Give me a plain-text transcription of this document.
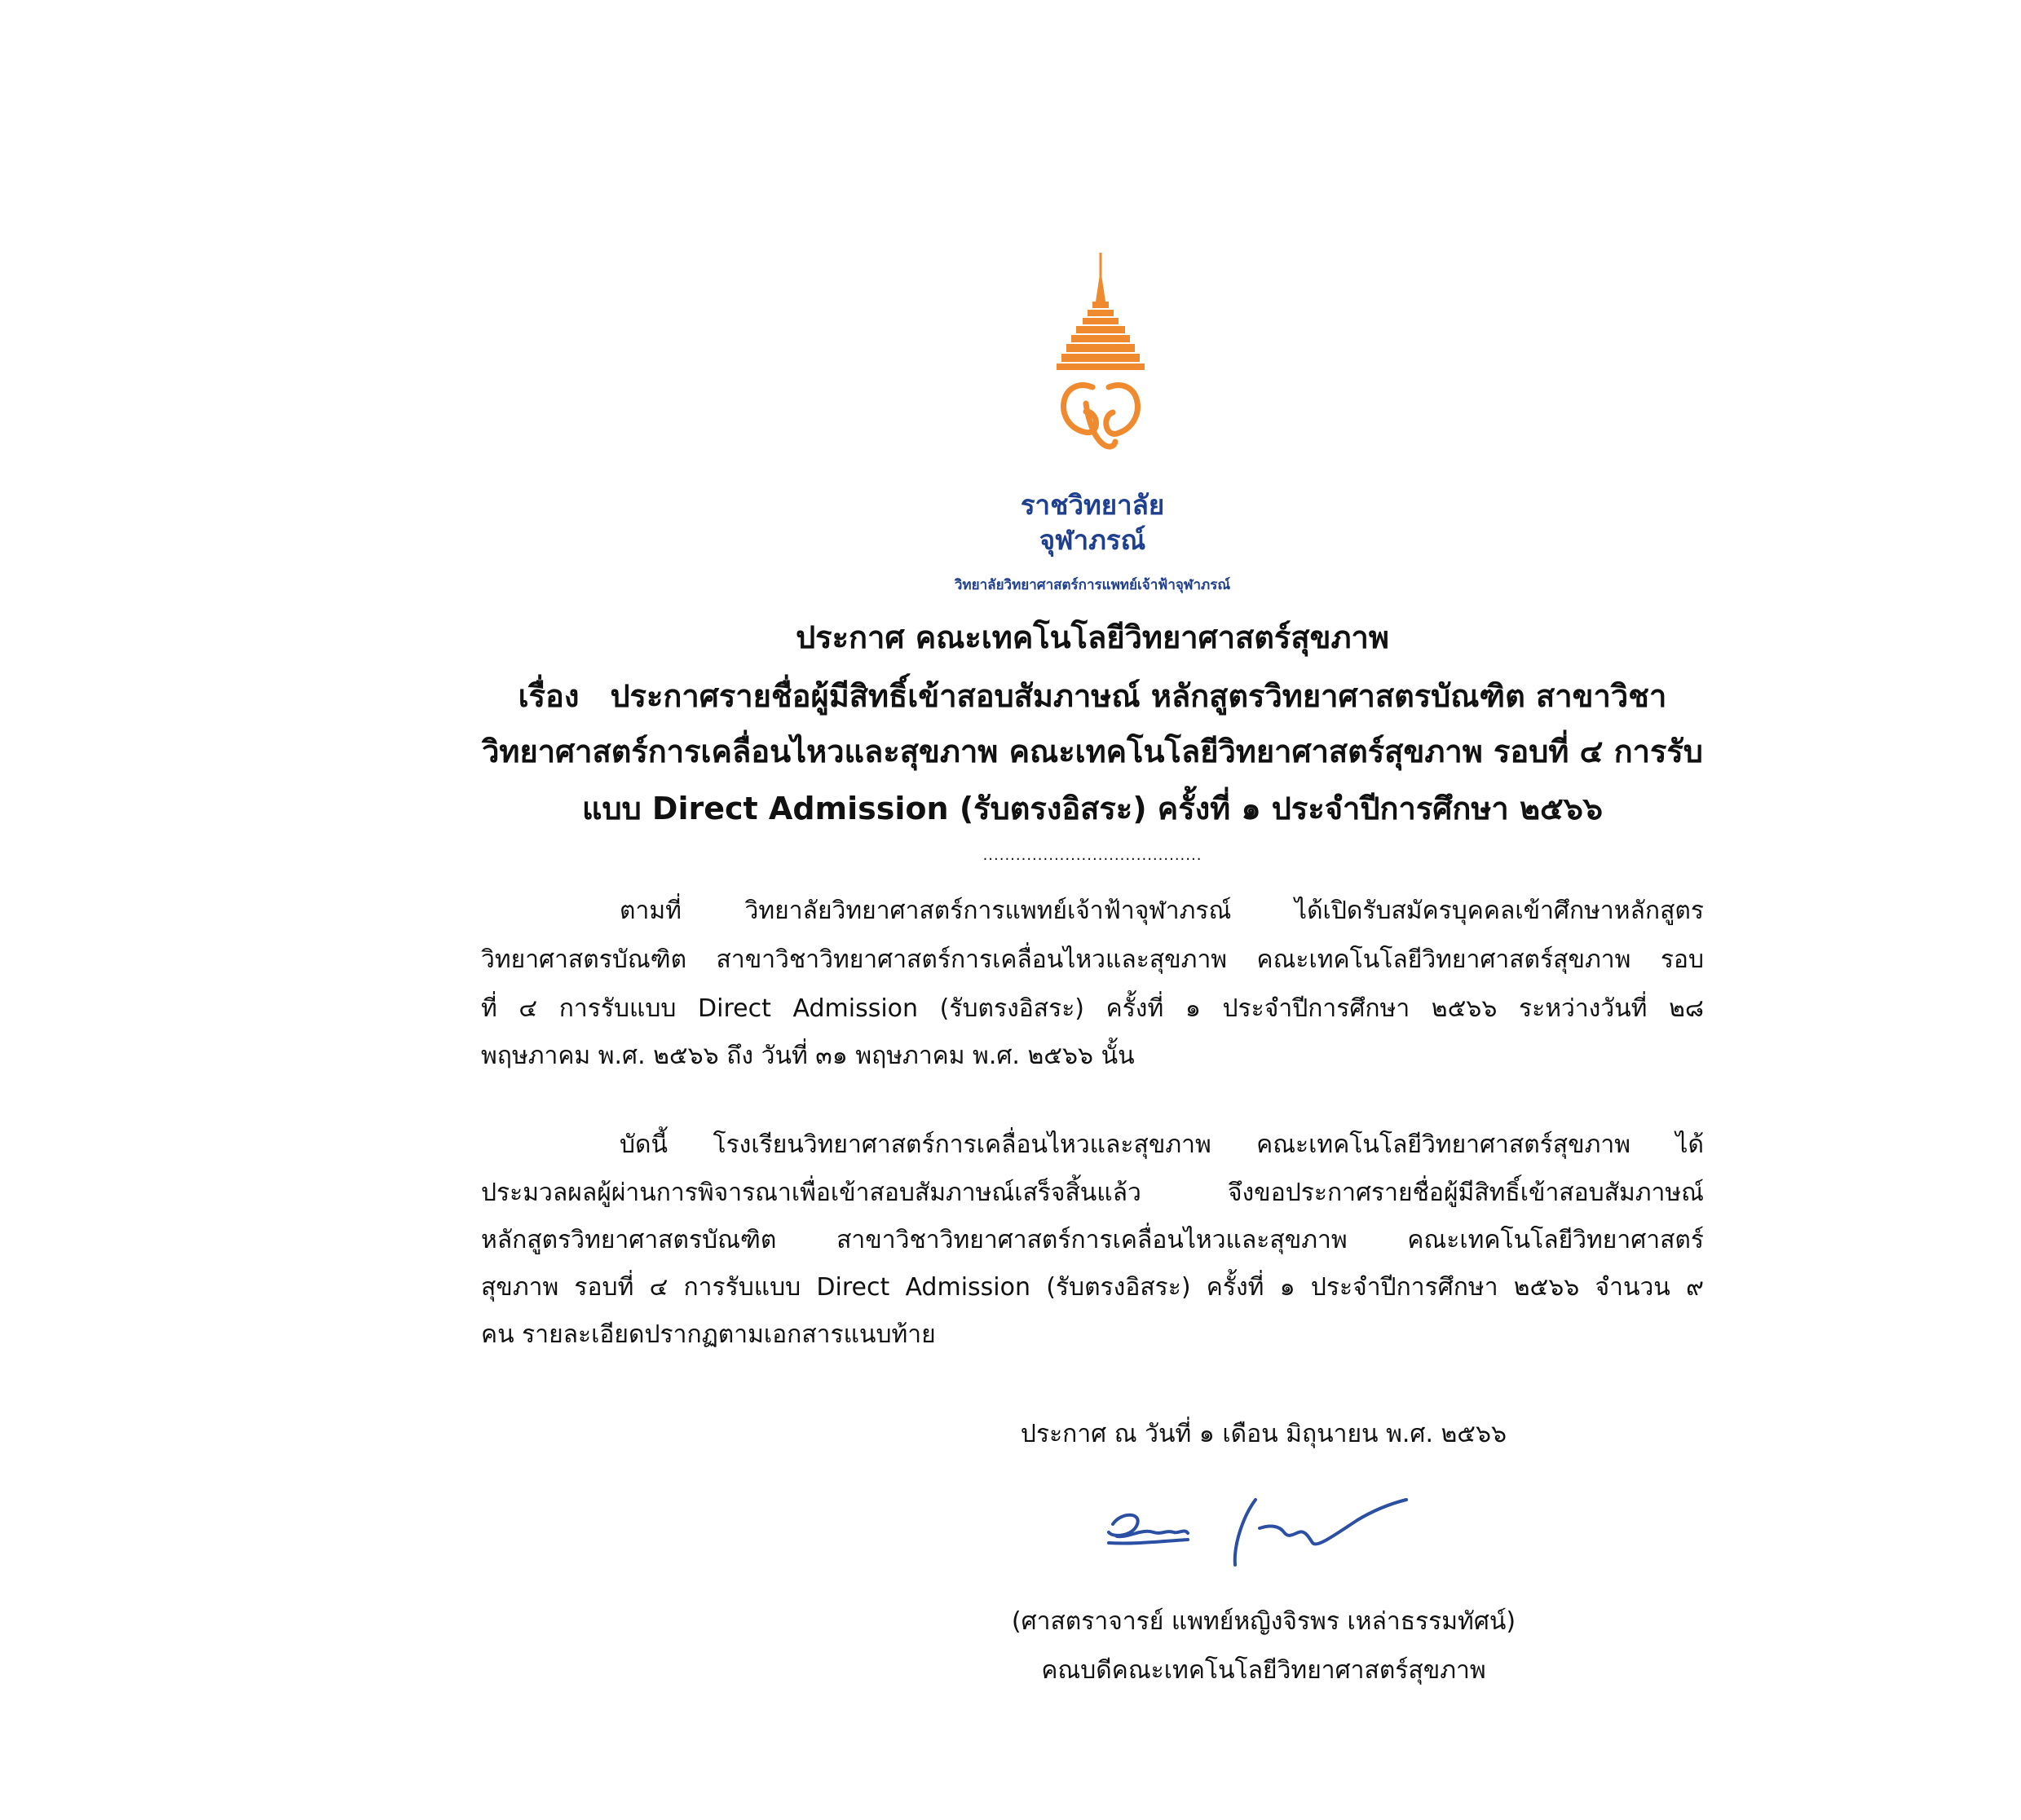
ราชวิทยาลัย
จุฬาภรณ์
วิทยาลัยวิทยาศาสตร์การแพทย์เจ้าฟ้าจุฬาภรณ์
ประกาศ คณะเทคโนโลยีวิทยาศาสตร์สุขภาพ
เรื่อง ประกาศรายชื่อผู้มีสิทธิ์เข้าสอบสัมภาษณ์ หลักสูตรวิทยาศาสตรบัณฑิต สาขาวิชา
วิทยาศาสตร์การเคลื่อนไหวและสุขภาพ คณะเทคโนโลยีวิทยาศาสตร์สุขภาพ รอบที่ ๔ การรับ
แบบ Direct Admission (รับตรงอิสระ) ครั้งที่ ๑ ประจำปีการศึกษา ๒๕๖๖
........................................
ตามที่ วิทยาลัยวิทยาศาสตร์การแพทย์เจ้าฟ้าจุฬาภรณ์ ได้เปิดรับสมัครบุคคลเข้าศึกษาหลักสูตร
วิทยาศาสตรบัณฑิต สาขาวิชาวิทยาศาสตร์การเคลื่อนไหวและสุขภาพ คณะเทคโนโลยีวิทยาศาสตร์สุขภาพ รอบ
ที่ ๔ การรับแบบ Direct Admission (รับตรงอิสระ) ครั้งที่ ๑ ประจำปีการศึกษา ๒๕๖๖ ระหว่างวันที่ ๒๘
พฤษภาคม พ.ศ. ๒๕๖๖ ถึง วันที่ ๓๑ พฤษภาคม พ.ศ. ๒๕๖๖ นั้น
บัดนี้ โรงเรียนวิทยาศาสตร์การเคลื่อนไหวและสุขภาพ คณะเทคโนโลยีวิทยาศาสตร์สุขภาพ ได้
ประมวลผลผู้ผ่านการพิจารณาเพื่อเข้าสอบสัมภาษณ์เสร็จสิ้นแล้ว จึงขอประกาศรายชื่อผู้มีสิทธิ์เข้าสอบสัมภาษณ์
หลักสูตรวิทยาศาสตรบัณฑิต สาขาวิชาวิทยาศาสตร์การเคลื่อนไหวและสุขภาพ คณะเทคโนโลยีวิทยาศาสตร์
สุขภาพ รอบที่ ๔ การรับแบบ Direct Admission (รับตรงอิสระ) ครั้งที่ ๑ ประจำปีการศึกษา ๒๕๖๖ จำนวน ๙
คน รายละเอียดปรากฏตามเอกสารแนบท้าย
ประกาศ ณ วันที่ ๑ เดือน มิถุนายน พ.ศ. ๒๕๖๖
(ศาสตราจารย์ แพทย์หญิงจิรพร เหล่าธรรมทัศน์)
คณบดีคณะเทคโนโลยีวิทยาศาสตร์สุขภาพ
